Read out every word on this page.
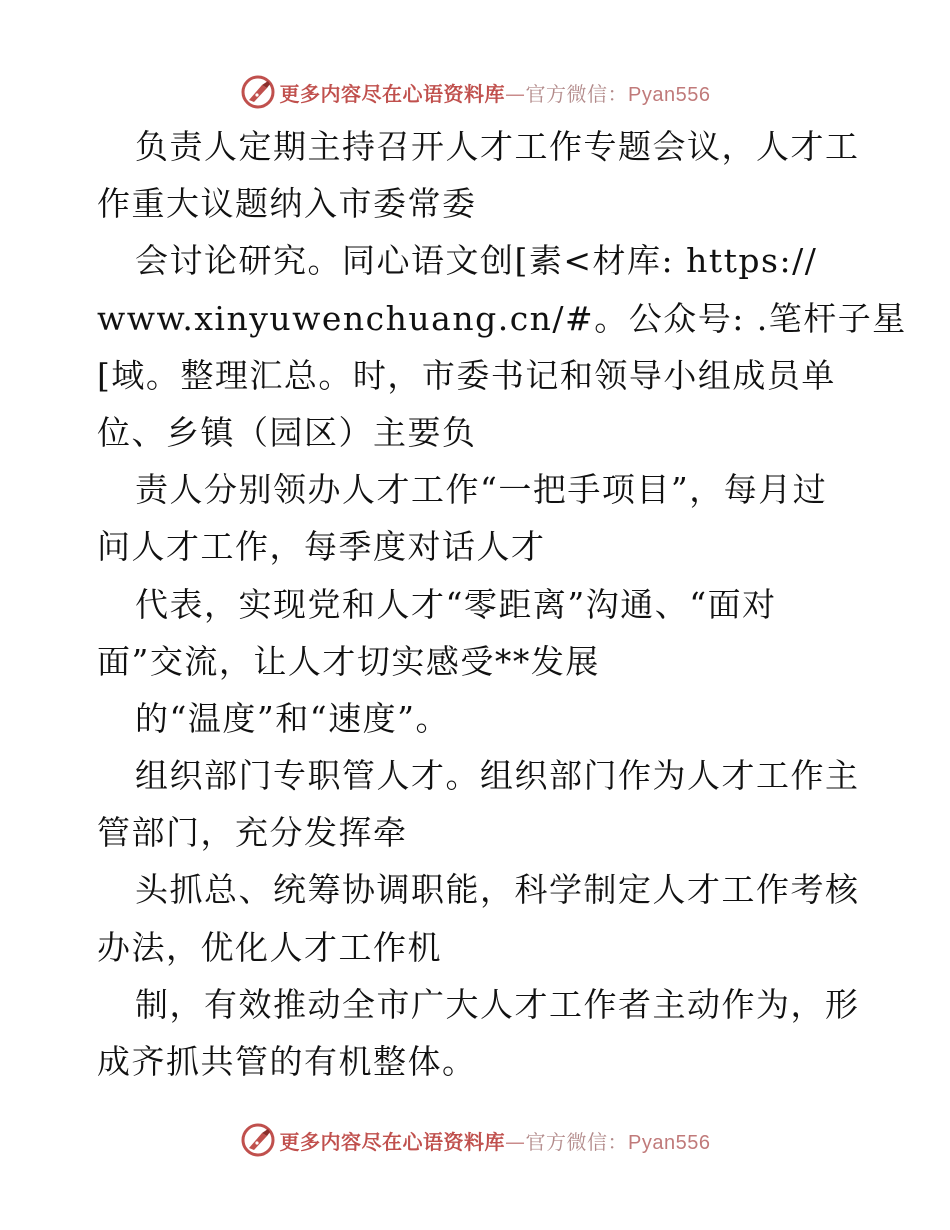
更多内容尽在心语资料库—官方微信：Pyan556
负责人定期主持召开人才工作专题会议，人才工
作重大议题纳入市委常委
会讨论研究。同心语文创[素<材库: https://
www.xinyuwenchuang.cn/#。公众号: .笔杆子星
[域。整理汇总。时，市委书记和领导小组成员单
位、乡镇（园区）主要负
责人分别领办人才工作“一把手项目”，每月过
问人才工作，每季度对话人才
代表，实现党和人才“零距离”沟通、“面对
面”交流，让人才切实感受**发展
的“温度”和“速度”。
组织部门专职管人才。组织部门作为人才工作主
管部门，充分发挥牵
头抓总、统筹协调职能，科学制定人才工作考核
办法，优化人才工作机
制，有效推动全市广大人才工作者主动作为，形
成齐抓共管的有机整体。
更多内容尽在心语资料库—官方微信：Pyan556
